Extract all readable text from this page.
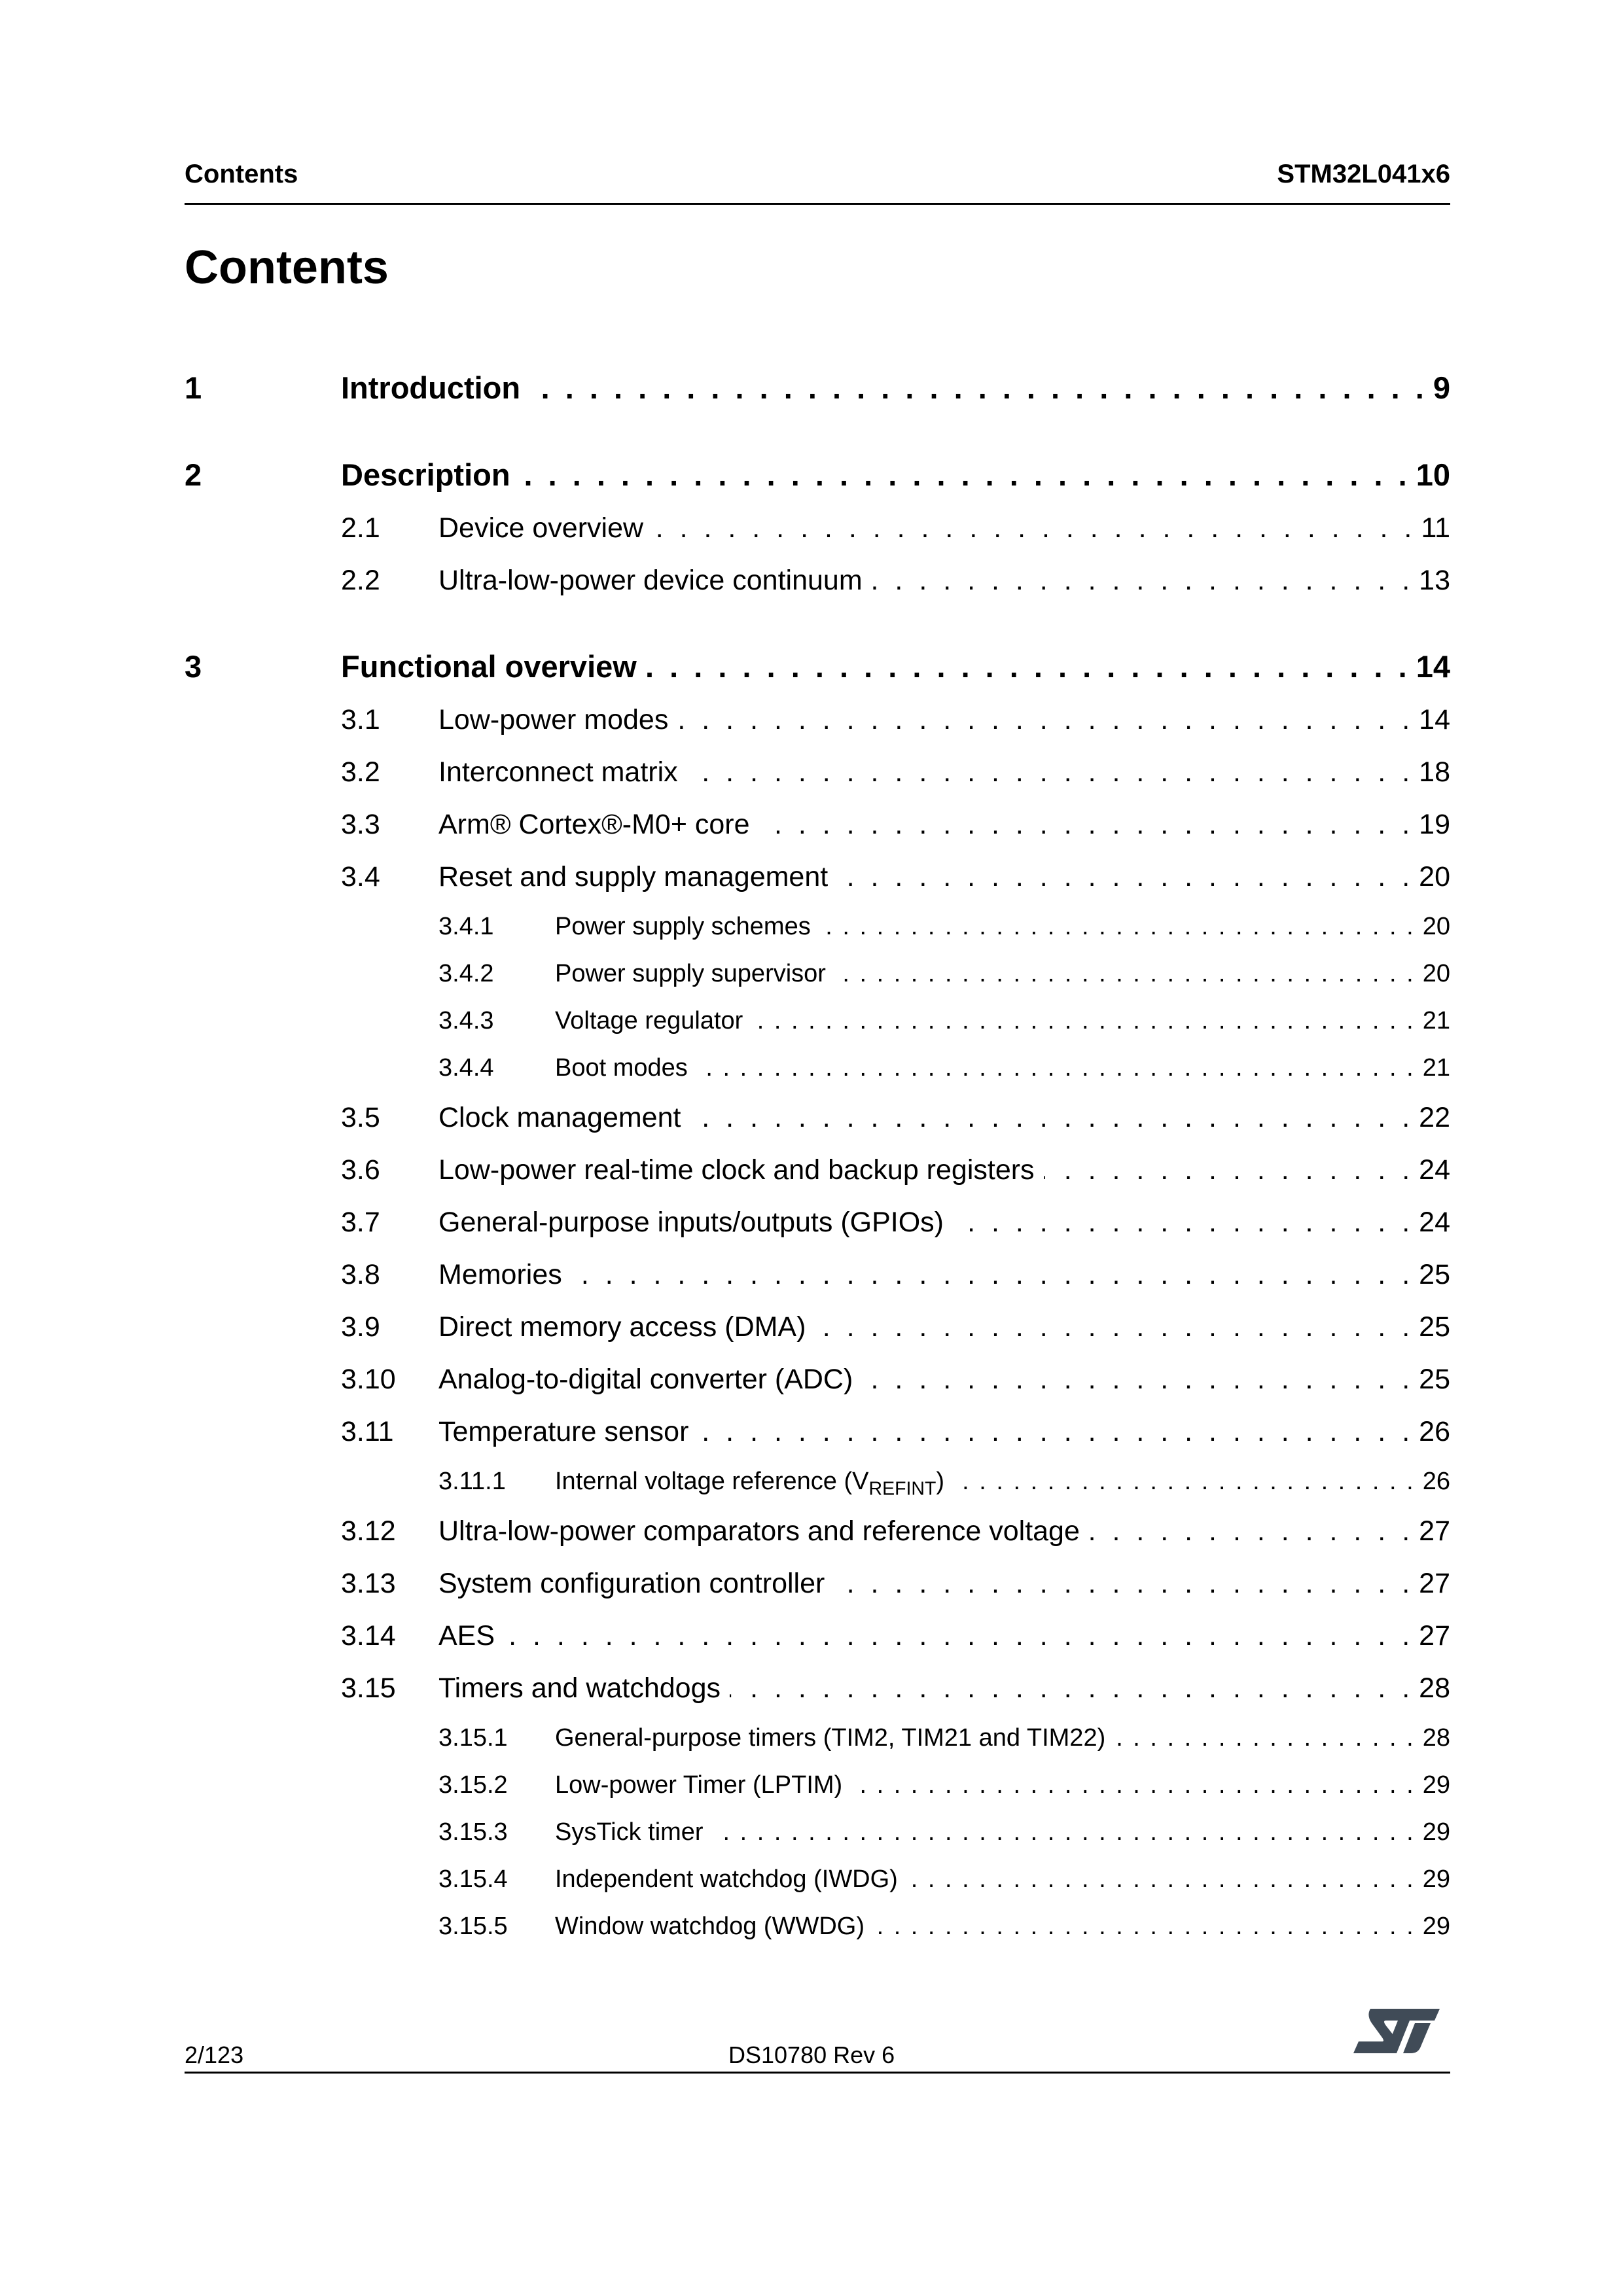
Contents	STM32L041x6
Contents
1	Introduction . . .	9
2	Description . . .	10
2.1 Device overview . . .	11
2.2 Ultra-low-power device continuum . . .	13
3	Functional overview . . .	14
3.1 Low-power modes . . .	14
3.2 Interconnect matrix . . .	18
3.3 Arm® Cortex®-M0+ core . . .	19
3.4 Reset and supply management . . .	20
3.4.1 Power supply schemes . . .	20
3.4.2 Power supply supervisor . . .	20
3.4.3 Voltage regulator . . .	21
3.4.4 Boot modes . . .	21
3.5 Clock management . . .	22
3.6 Low-power real-time clock and backup registers . . .	24
3.7 General-purpose inputs/outputs (GPIOs) . . .	24
3.8 Memories . . .	25
3.9 Direct memory access (DMA) . . .	25
3.10 Analog-to-digital converter (ADC) . . .	25
3.11 Temperature sensor . . .	26
3.11.1 Internal voltage reference $(V_{REFINT})$ . . .	26
3.12 Ultra-low-power comparators and reference voltage . . .	27
3.13 System configuration controller . . .	27
3.14 AES . . .	27
3.15 Timers and watchdogs . . .	28
3.15.1 General-purpose timers (TIM2, TIM21 and TIM22) . . .	28
3.15.2 Low-power Timer (LPTIM) . . .	29
3.15.3 SysTick timer . . .	29
3.15.4 Independent watchdog (IWDG) . . .	29
3.15.5 Window watchdog (WWDG) . . .	29
2/123	DS10780 Rev 6
